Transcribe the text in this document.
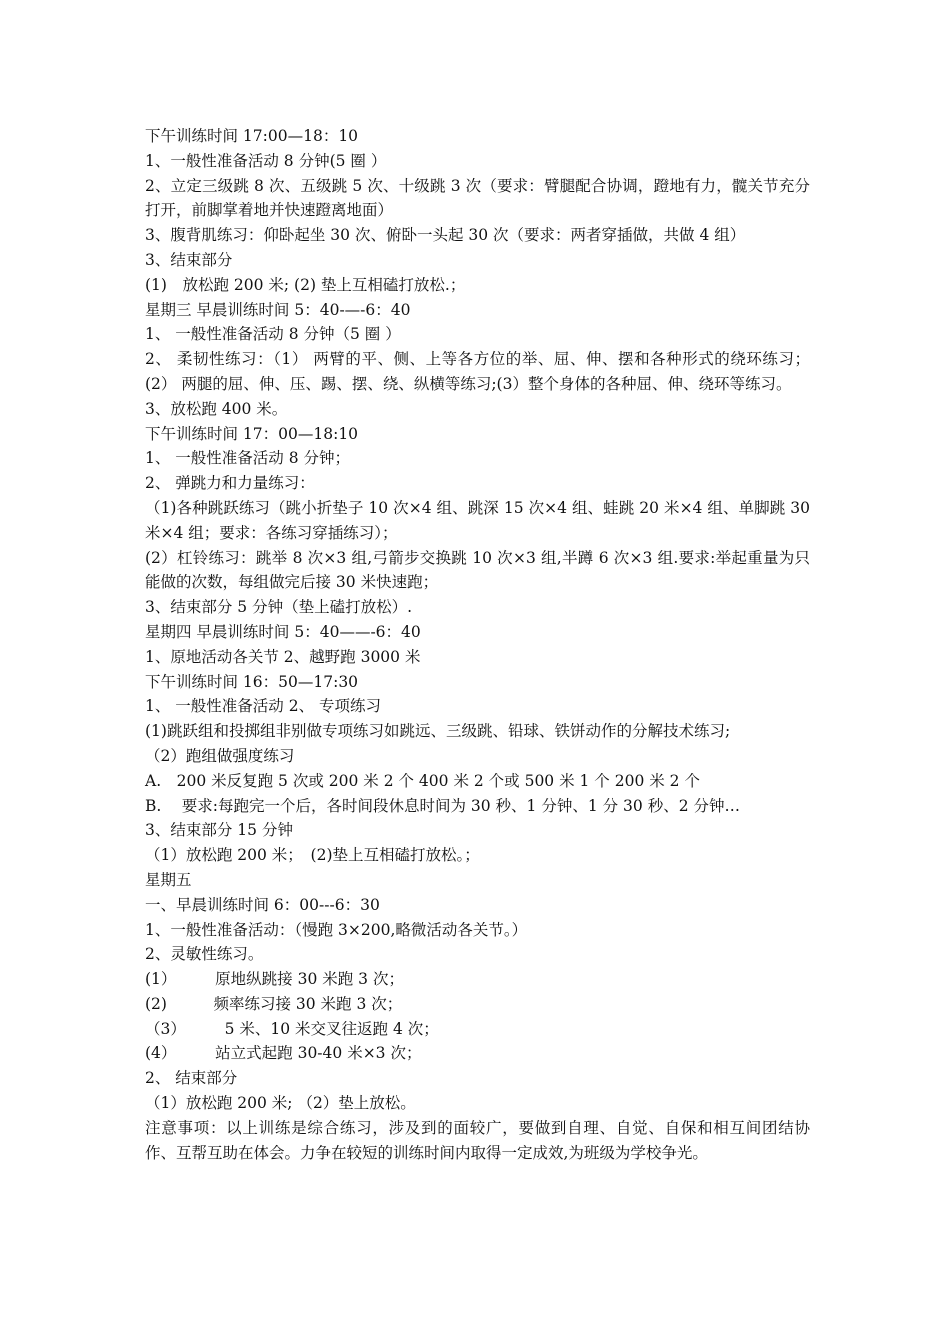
下午训练时间 17:00—18：10
1、一般性准备活动 8 分钟(5 圈 ）
2、立定三级跳 8 次、五级跳 5 次、十级跳 3 次（要求：臂腿配合协调，蹬地有力，髋关节充分打开，前脚掌着地并快速蹬离地面）
3、腹背肌练习：仰卧起坐 30 次、俯卧一头起 30 次（要求：两者穿插做，共做 4 组）
3、结束部分
(1)　放松跑 200 米; (2) 垫上互相磕打放松.；
星期三 早晨训练时间 5：40-—-6：40
1、 一般性准备活动 8 分钟（5 圈 ）
2、 柔韧性练习：（1） 两臂的平、侧、上等各方位的举、屈、伸、摆和各种形式的绕环练习；(2） 两腿的屈、伸、压、踢、摆、绕、纵横等练习;(3）整个身体的各种屈、伸、绕环等练习。
3、放松跑 400 米。
下午训练时间 17：00—18:10
1、 一般性准备活动 8 分钟；
2、 弹跳力和力量练习：
（1)各种跳跃练习（跳小折垫子 10 次×4 组、跳深 15 次×4 组、蛙跳 20 米×4 组、单脚跳 30 米×4 组；要求：各练习穿插练习）；
(2）杠铃练习：跳举 8 次×3 组,弓箭步交换跳 10 次×3 组,半蹲 6 次×3 组.要求:举起重量为只能做的次数，每组做完后接 30 米快速跑；
3、结束部分 5 分钟（垫上磕打放松）.
星期四 早晨训练时间 5：40——-6：40
1、原地活动各关节 2、越野跑 3000 米
下午训练时间 16：50—17:30
1、 一般性准备活动 2、 专项练习
(1)跳跃组和投掷组非别做专项练习如跳远、三级跳、铅球、铁饼动作的分解技术练习;
（2）跑组做强度练习
A.　200 米反复跑 5 次或 200 米 2 个 400 米 2 个或 500 米 1 个 200 米 2 个
B.　 要求:每跑完一个后，各时间段休息时间为 30 秒、1 分钟、1 分 30 秒、2 分钟…
3、结束部分 15 分钟
（1）放松跑 200 米；　(2)垫上互相磕打放松。；
星期五
一、早晨训练时间 6：00---6：30
1、一般性准备活动：（慢跑 3×200,略微活动各关节。）
2、灵敏性练习。
(1）　　　原地纵跳接 30 米跑 3 次；
(2)　　　频率练习接 30 米跑 3 次；
（3）　　　5 米、10 米交叉往返跑 4 次；
(4）　　　站立式起跑 30-40 米×3 次；
2、 结束部分
（1）放松跑 200 米; （2）垫上放松。
注意事项：以上训练是综合练习，涉及到的面较广，要做到自理、自觉、自保和相互间团结协作、互帮互助在体会。力争在较短的训练时间内取得一定成效,为班级为学校争光。
